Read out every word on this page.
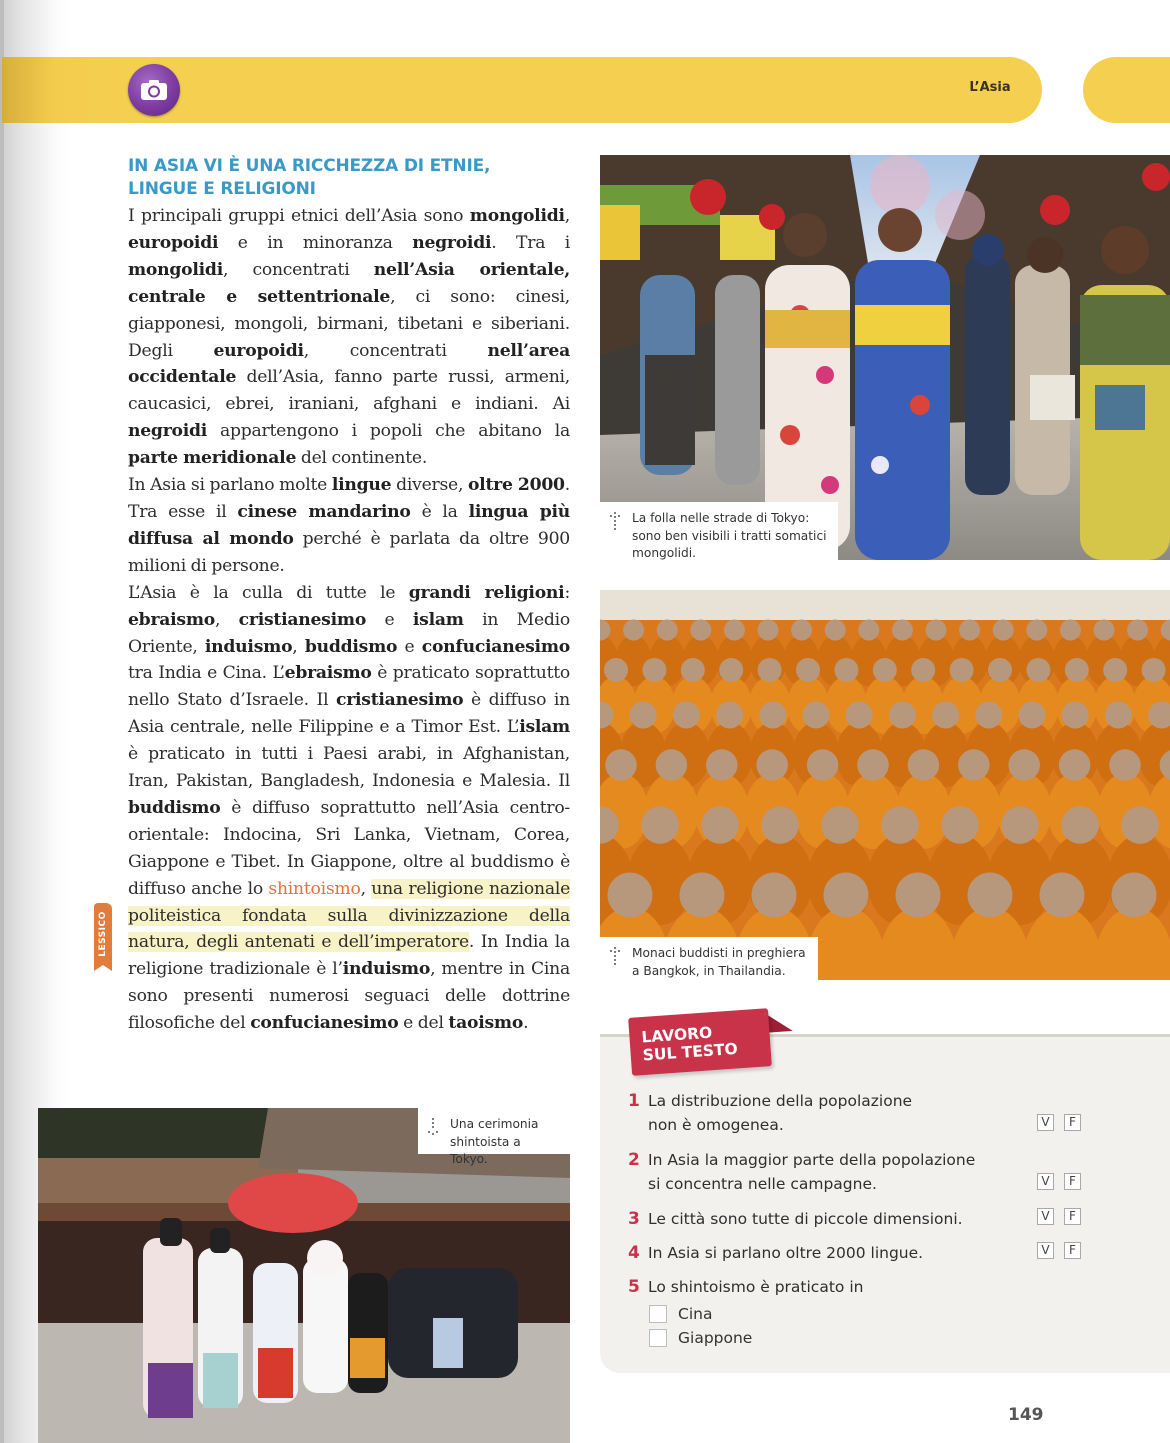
L’Asia
IN ASIA VI È UNA RICCHEZZA DI ETNIE,
LINGUE E RELIGIONI

I principali gruppi etnici dell’Asia sono mongolidi, europoidi e in minoranza negroidi. Tra i mongolidi, concentrati nell’Asia orientale, centrale e settentrionale, ci sono: cinesi, giapponesi, mongoli, birmani, tibetani e siberiani. Degli europoidi, concentrati nell’area occidentale dell’Asia, fanno parte russi, armeni, caucasici, ebrei, iraniani, afghani e indiani. Ai negroidi appartengono i popoli che abitano la parte meridionale del continente.

In Asia si parlano molte lingue diverse, oltre 2000. Tra esse il cinese mandarino è la lingua più diffusa al mondo perché è parlata da oltre 900 milioni di persone.

L’Asia è la culla di tutte le grandi religioni: ebraismo, cristianesimo e islam in Medio Oriente, induismo, buddismo e confucianesimo tra India e Cina. L’ebraismo è praticato soprattutto nello Stato d’Israele. Il cristianesimo è diffuso in Asia centrale, nelle Filippine e a Timor Est. L’islam è praticato in tutti i Paesi arabi, in Afghanistan, Iran, Pakistan, Bangladesh, Indonesia e Malesia. Il buddismo è diffuso soprattutto nell’Asia centro-orientale: Indocina, Sri Lanka, Vietnam, Corea, Giappone e Tibet. In Giappone, oltre al buddismo è diffuso anche lo shintoismo, una religione nazionale politeistica fondata sulla divinizzazione della natura, degli antenati e dell’imperatore. In India la religione tradizionale è l’induismo, mentre in Cina sono presenti numerosi seguaci delle dottrine filosofiche del confucianesimo e del taoismo.

LESSICO
La folla nelle strade di Tokyo:
sono ben visibili i tratti somatici
mongolidi.
Monaci buddisti in preghiera
a Bangkok, in Thailandia.
Una cerimonia
shintoista a Tokyo.
LAVORO
SUL TESTO
1 La distribuzione della popolazione
non è omogenea.	V	F
2 In Asia la maggior parte della popolazione
si concentra nelle campagne.	V	F
3 Le città sono tutte di piccole dimensioni.	V	F
4 In Asia si parlano oltre 2000 lingue.	V	F
5 Lo shintoismo è praticato in
Cina
Giappone
149
